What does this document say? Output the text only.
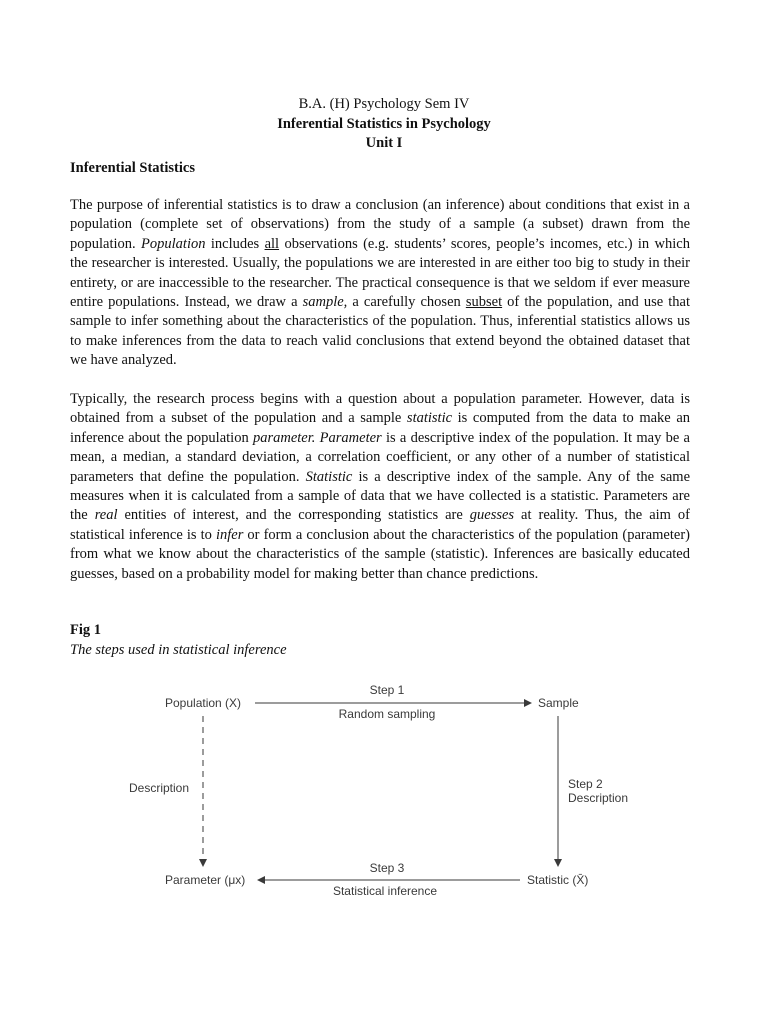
B.A. (H) Psychology Sem IV
Inferential Statistics in Psychology
Unit I
Inferential Statistics

The purpose of inferential statistics is to draw a conclusion (an inference) about conditions that exist in a population (complete set of observations) from the study of a sample (a subset) drawn from the population. Population includes all observations (e.g. students’ scores, people’s incomes, etc.) in which the researcher is interested. Usually, the populations we are interested in are either too big to study in their entirety, or are inaccessible to the researcher. The practical consequence is that we seldom if ever measure entire populations. Instead, we draw a sample, a carefully chosen subset of the population, and use that sample to infer something about the characteristics of the population. Thus, inferential statistics allows us to make inferences from the data to reach valid conclusions that extend beyond the obtained dataset that we have analyzed.

Typically, the research process begins with a question about a population parameter. However, data is obtained from a subset of the population and a sample statistic is computed from the data to make an inference about the population parameter. Parameter is a descriptive index of the population. It may be a mean, a median, a standard deviation, a correlation coefficient, or any other of a number of statistical parameters that define the population. Statistic is a descriptive index of the sample. Any of the same measures when it is calculated from a sample of data that we have collected is a statistic. Parameters are the real entities of interest, and the corresponding statistics are guesses at reality. Thus, the aim of statistical inference is to infer or form a conclusion about the characteristics of the population (parameter) from what we know about the characteristics of the sample (statistic). Inferences are basically educated guesses, based on a probability model for making better than chance predictions.

Fig 1
The steps used in statistical inference
Population (X)	Sample
Parameter (μx)	Statistic (X̄)
Step 1
Random sampling
Step 2
Description
Step 3
Statistical inference
Description
